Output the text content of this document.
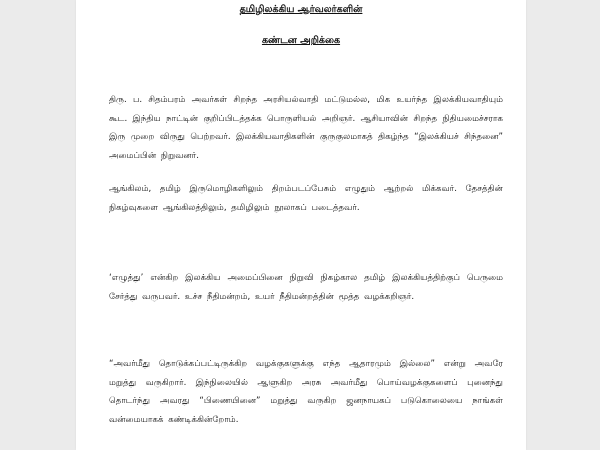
தமிழிலக்கிய ஆர்வலர்களின்
கண்டன அறிக்கை

திரு. ப. சிதம்பரம் அவர்கள் சிறந்த அரசியல்வாதி மட்டுமல்ல, மிக உயர்ந்த இலக்கியவாதியும் கூட. இந்திய நாட்டின் குறிப்பிடத்தக்க பொருளியல் அறிஞர். ஆசியாவின் சிறந்த நிதியமைச்சராக இரு முறை விருது பெற்றவர். இலக்கியவாதிகளின் குருகுலமாகத் திகழ்ந்த “இலக்கியச் சிந்தனை” அமைப்பின் நிறுவனர்.

ஆங்கிலம், தமிழ் இருமொழிகளிலும் திறம்படப்பேசும் எழுதும் ஆற்றல் மிக்கவர். தேசத்தின் நிகழ்வுகளை ஆங்கிலத்திலும், தமிழிலும் நூலாகப் படைத்தவர்.

‘எழுத்து’ என்கிற இலக்கிய அமைப்பினை நிறுவி நிகழ்கால தமிழ் இலக்கியத்திற்குப் பெருமை சேர்த்து வருபவர். உச்ச நீதிமன்றம், உயர் நீதிமன்றத்தின் மூத்த வழக்கறிஞர்.

“அவர்மீது தொடுக்கப்பட்டிருக்கிற வழக்குகளுக்கு எந்த ஆதாரமும் இல்லை” என்று அவரே மறுத்து வருகிறார். இந்நிலையில் ஆளுகிற அரசு அவர்மீது பொய்வழக்குகளைப் புனைந்து தொடர்ந்து அவரது “பிணையினை” மறுத்து வருகிற ஜனநாயகப் படுகொலையை நாங்கள் வன்மையாகக் கண்டிக்கின்றோம்.
